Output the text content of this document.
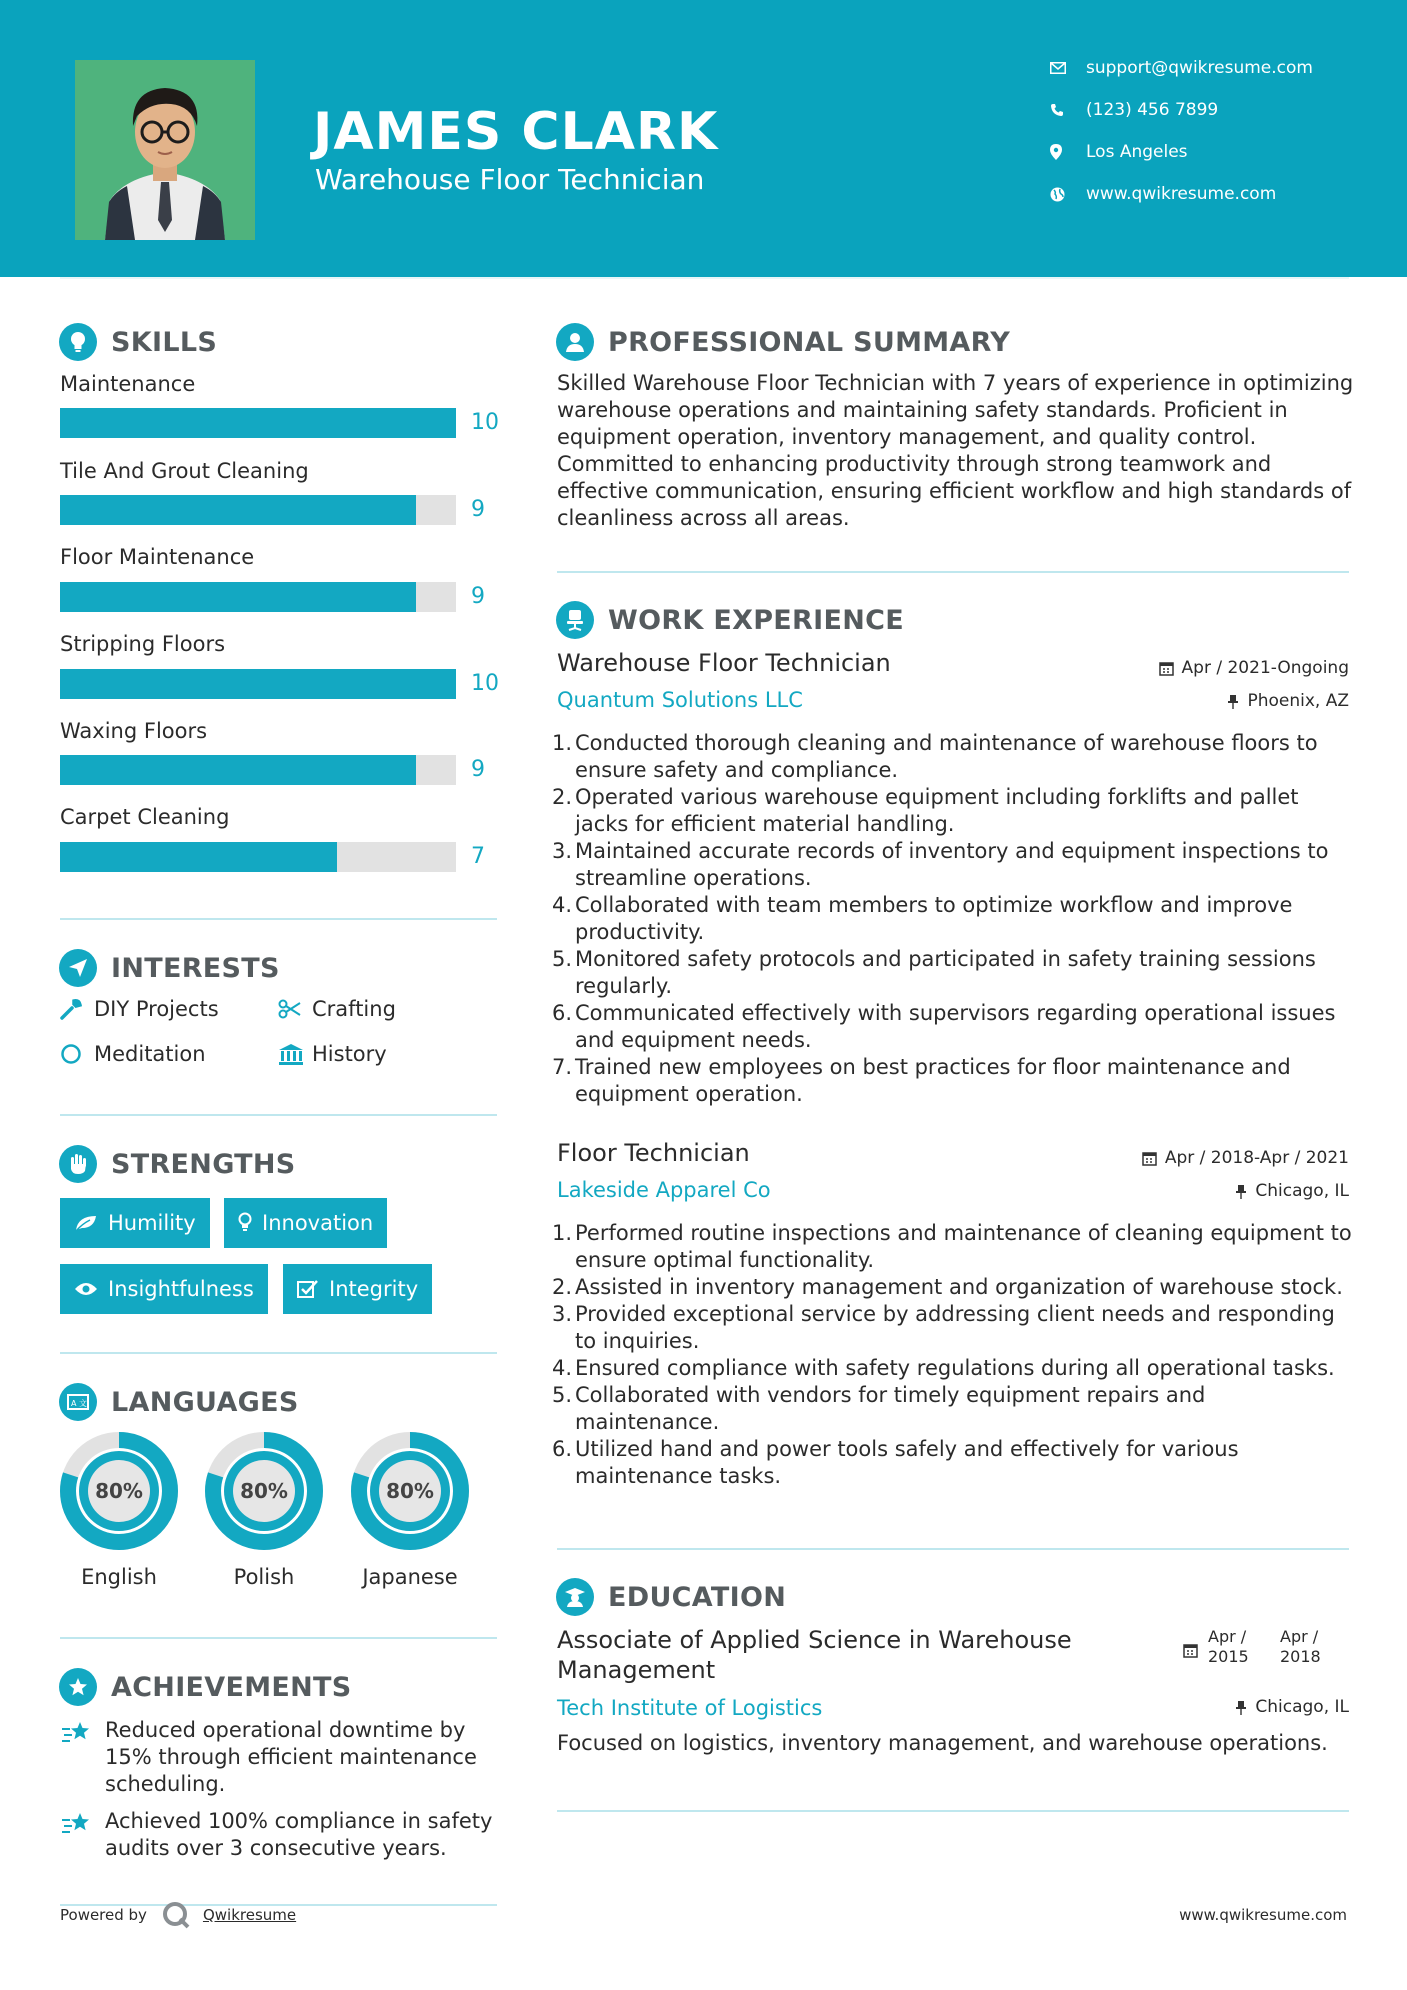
JAMES CLARK
Warehouse Floor Technician
support@qwikresume.com
(123) 456 7899
Los Angeles
www.qwikresume.com
SKILLS
Maintenance
10
Tile And Grout Cleaning
9
Floor Maintenance
9
Stripping Floors
10
Waxing Floors
9
Carpet Cleaning
7
INTERESTS
DIY Projects	Crafting
Meditation	History
STRENGTHS
Humility	Innovation
Insightfulness	Integrity
A 文 LANGUAGES
80%
English
80%
Polish
80%
Japanese
ACHIEVEMENTS
Reduced operational downtime by 15% through efficient maintenance scheduling.
Achieved 100% compliance in safety audits over 3 consecutive years.
Powered by	Qwikresume	www.qwikresume.com
PROFESSIONAL SUMMARY
Skilled Warehouse Floor Technician with 7 years of experience in optimizing warehouse operations and maintaining safety standards. Proficient in equipment operation, inventory management, and quality control. Committed to enhancing productivity through strong teamwork and effective communication, ensuring efficient workflow and high standards of cleanliness across all areas.
WORK EXPERIENCE
Warehouse Floor Technician	Apr / 2021-Ongoing
Quantum Solutions LLC	Phoenix, AZ
1. Conducted thorough cleaning and maintenance of warehouse floors to ensure safety and compliance.
2. Operated various warehouse equipment including forklifts and pallet jacks for efficient material handling.
3. Maintained accurate records of inventory and equipment inspections to streamline operations.
4. Collaborated with team members to optimize workflow and improve productivity.
5. Monitored safety protocols and participated in safety training sessions regularly.
6. Communicated effectively with supervisors regarding operational issues and equipment needs.
7. Trained new employees on best practices for floor maintenance and equipment operation.
Floor Technician	Apr / 2018-Apr / 2021
Lakeside Apparel Co	Chicago, IL
1. Performed routine inspections and maintenance of cleaning equipment to ensure optimal functionality.
2. Assisted in inventory management and organization of warehouse stock.
3. Provided exceptional service by addressing client needs and responding to inquiries.
4. Ensured compliance with safety regulations during all operational tasks.
5. Collaborated with vendors for timely equipment repairs and maintenance.
6. Utilized hand and power tools safely and effectively for various maintenance tasks.
EDUCATION
Associate of Applied Science in Warehouse Management
Apr /
2015
Apr /
2018
Tech Institute of Logistics	Chicago, IL
Focused on logistics, inventory management, and warehouse operations.
